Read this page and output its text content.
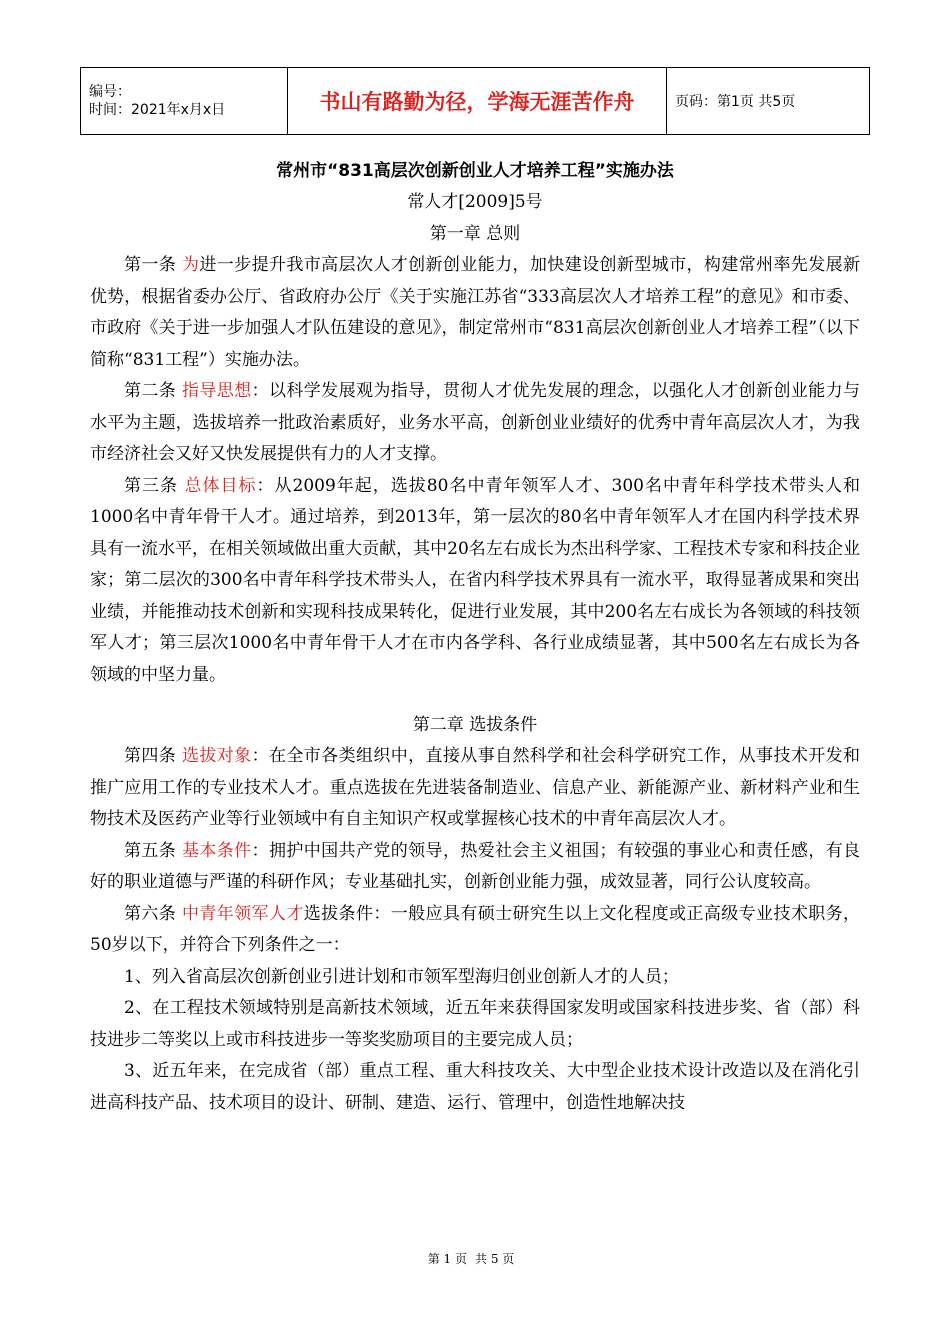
编号：
时间：2021年x月x日	书山有路勤为径，学海无涯苦作舟	页码：第1页 共5页
常州市“831高层次创新创业人才培养工程”实施办法
常人才[2009]5号
第一章 总则

第一条 为进一步提升我市高层次人才创新创业能力，加快建设创新型城市，构建常州率先发展新优势，根据省委办公厅、省政府办公厅《关于实施江苏省“333高层次人才培养工程”的意见》和市委、市政府《关于进一步加强人才队伍建设的意见》，制定常州市“831高层次创新创业人才培养工程”（以下简称“831工程”）实施办法。

第二条 指导思想：以科学发展观为指导，贯彻人才优先发展的理念，以强化人才创新创业能力与水平为主题，选拔培养一批政治素质好，业务水平高，创新创业业绩好的优秀中青年高层次人才，为我市经济社会又好又快发展提供有力的人才支撑。

第三条 总体目标：从2009年起，选拔80名中青年领军人才、300名中青年科学技术带头人和1000名中青年骨干人才。通过培养，到2013年，第一层次的80名中青年领军人才在国内科学技术界具有一流水平，在相关领域做出重大贡献，其中20名左右成长为杰出科学家、工程技术专家和科技企业家；第二层次的300名中青年科学技术带头人，在省内科学技术界具有一流水平，取得显著成果和突出业绩，并能推动技术创新和实现科技成果转化，促进行业发展，其中200名左右成长为各领域的科技领军人才；第三层次1000名中青年骨干人才在市内各学科、各行业成绩显著，其中500名左右成长为各领域的中坚力量。

第二章 选拔条件

第四条 选拔对象：在全市各类组织中，直接从事自然科学和社会科学研究工作，从事技术开发和推广应用工作的专业技术人才。重点选拔在先进装备制造业、信息产业、新能源产业、新材料产业和生物技术及医药产业等行业领域中有自主知识产权或掌握核心技术的中青年高层次人才。

第五条 基本条件：拥护中国共产党的领导，热爱社会主义祖国；有较强的事业心和责任感，有良好的职业道德与严谨的科研作风；专业基础扎实，创新创业能力强，成效显著，同行公认度较高。

第六条 中青年领军人才选拔条件：一般应具有硕士研究生以上文化程度或正高级专业技术职务，50岁以下，并符合下列条件之一：

1、列入省高层次创新创业引进计划和市领军型海归创业创新人才的人员；

2、在工程技术领域特别是高新技术领域，近五年来获得国家发明或国家科技进步奖、省（部）科技进步二等奖以上或市科技进步一等奖奖励项目的主要完成人员；

3、近五年来，在完成省（部）重点工程、重大科技攻关、大中型企业技术设计改造以及在消化引进高科技产品、技术项目的设计、研制、建造、运行、管理中，创造性地解决技

第 1 页 共 5 页
